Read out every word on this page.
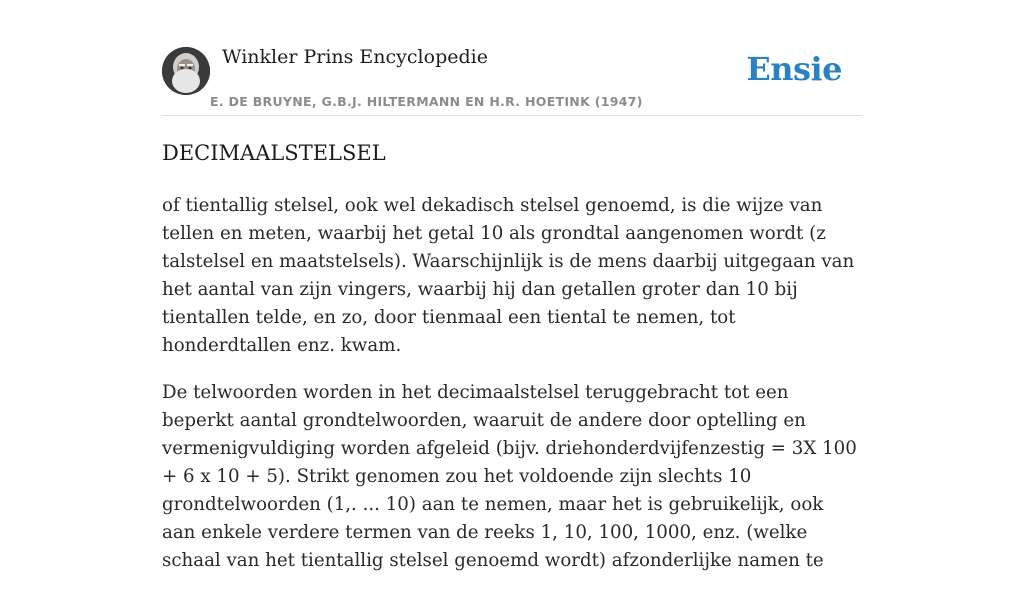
Winkler Prins Encyclopedie
E. DE BRUYNE, G.B.J. HILTERMANN EN H.R. HOETINK (1947)
Ensie
DECIMAALSTELSEL

of tientallig stelsel, ook wel dekadisch stelsel genoemd, is die wijze van tellen en meten, waarbij het getal 10 als grondtal aangenomen wordt (z talstelsel en maatstelsels). Waarschijnlijk is de mens daarbij uitgegaan van het aantal van zijn vingers, waarbij hij dan getallen groter dan 10 bij tientallen telde, en zo, door tienmaal een tiental te nemen, tot honderdtallen enz. kwam.

De telwoorden worden in het decimaalstelsel teruggebracht tot een beperkt aantal grondtelwoorden, waaruit de andere door optelling en vermenigvuldiging worden afgeleid (bijv. driehonderdvijfenzestig = 3X 100 + 6 x 10 + 5). Strikt genomen zou het voldoende zijn slechts 10 grondtelwoorden (1,. ... 10) aan te nemen, maar het is gebruikelijk, ook aan enkele verdere termen van de reeks 1, 10, 100, 1000, enz. (welke schaal van het tientallig stelsel genoemd wordt) afzonderlijke namen te
